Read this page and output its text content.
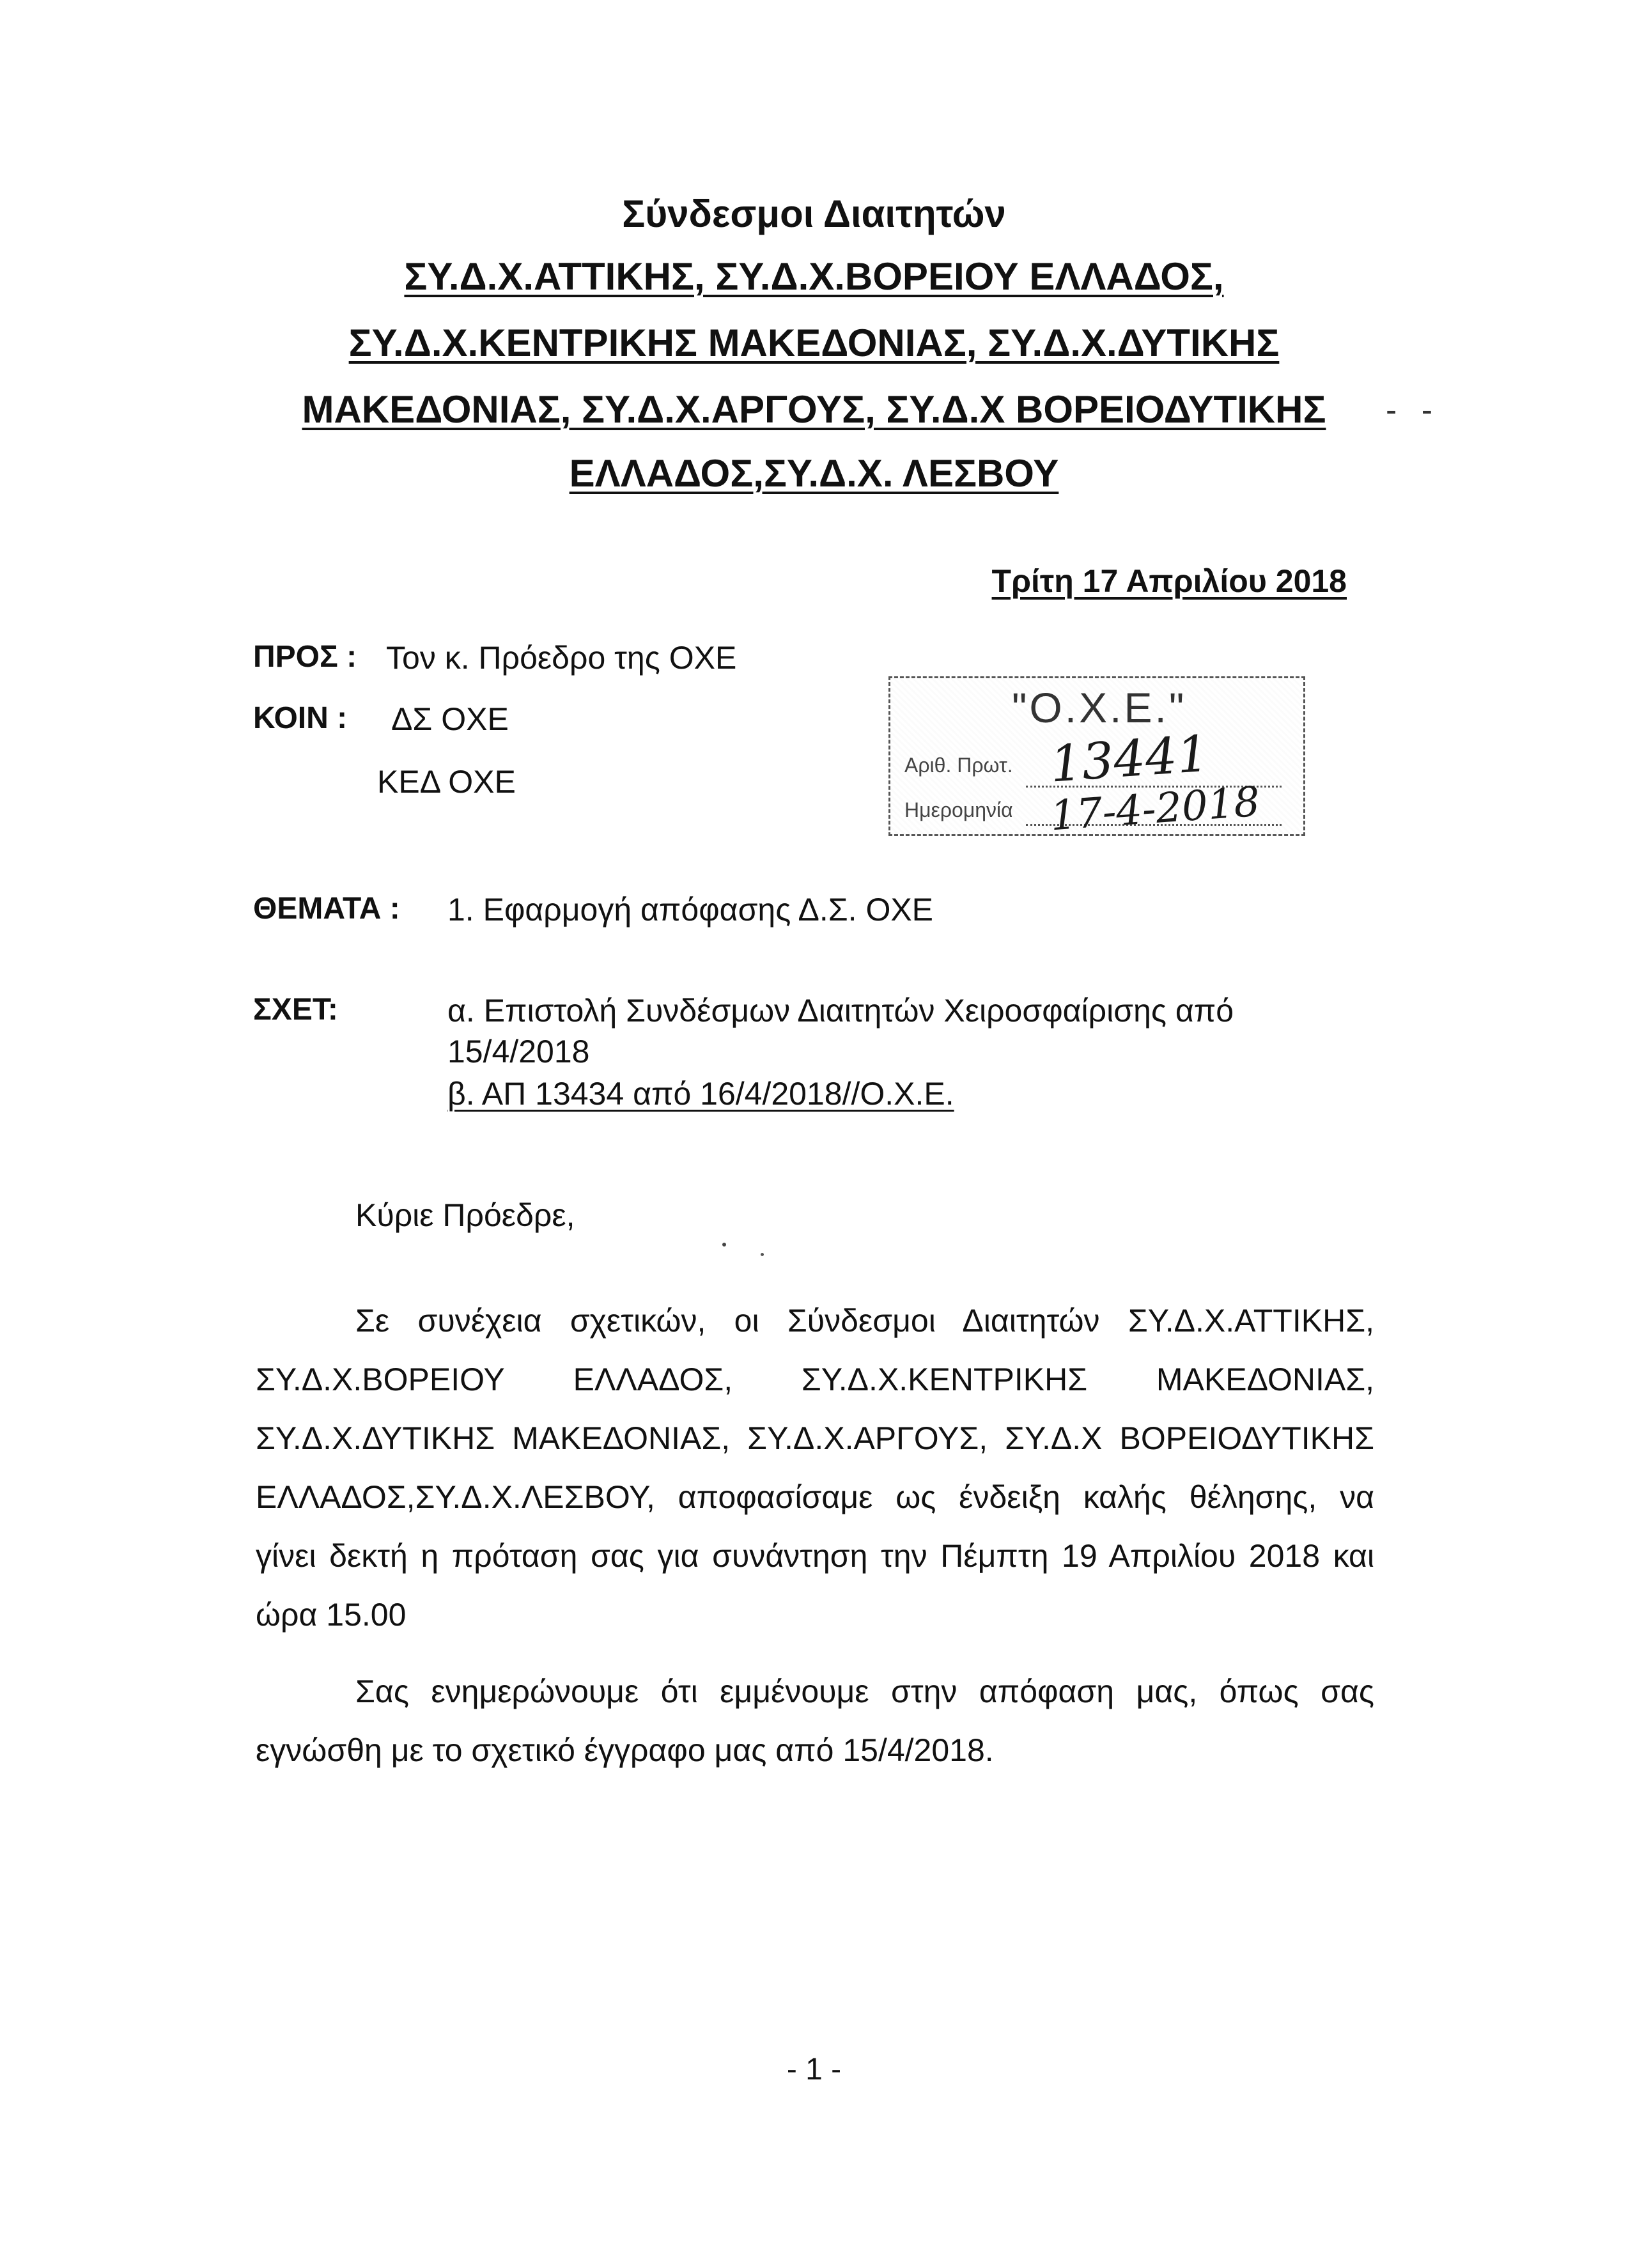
Σύνδεσμοι Διαιτητών
ΣΥ.Δ.Χ.ΑΤΤΙΚΗΣ, ΣΥ.Δ.Χ.ΒΟΡΕΙΟΥ ΕΛΛΑΔΟΣ,
ΣΥ.Δ.Χ.ΚΕΝΤΡΙΚΗΣ ΜΑΚΕΔΟΝΙΑΣ, ΣΥ.Δ.Χ.ΔΥΤΙΚΗΣ
ΜΑΚΕΔΟΝΙΑΣ, ΣΥ.Δ.Χ.ΑΡΓΟΥΣ, ΣΥ.Δ.Χ ΒΟΡΕΙΟΔΥΤΙΚΗΣ
ΕΛΛΑΔΟΣ,ΣΥ.Δ.Χ. ΛΕΣΒΟΥ
- -
Τρίτη 17 Απριλίου 2018
ΠΡΟΣ : Τον κ. Πρόεδρο της ΟΧΕ
ΚΟΙΝ : ΔΣ ΟΧΕ
ΚΕΔ ΟΧΕ
"Ο.Χ.Ε."
Αριθ. Πρωτ. 13441
Ημερομηνία 17-4-2018
ΘΕΜΑΤΑ : 1. Εφαρμογή απόφασης Δ.Σ. ΟΧΕ
ΣΧΕΤ:	α. Επιστολή Συνδέσμων Διαιτητών Χειροσφαίρισης από
15/4/2018
β. ΑΠ 13434 από 16/4/2018//Ο.Χ.Ε.
Κύριε Πρόεδρε,
Σε συνέχεια σχετικών, οι Σύνδεσμοι Διαιτητών ΣΥ.Δ.Χ.ΑΤΤΙΚΗΣ,
ΣΥ.Δ.Χ.ΒΟΡΕΙΟΥ ΕΛΛΑΔΟΣ, ΣΥ.Δ.Χ.ΚΕΝΤΡΙΚΗΣ ΜΑΚΕΔΟΝΙΑΣ,
ΣΥ.Δ.Χ.ΔΥΤΙΚΗΣ ΜΑΚΕΔΟΝΙΑΣ, ΣΥ.Δ.Χ.ΑΡΓΟΥΣ, ΣΥ.Δ.Χ ΒΟΡΕΙΟΔΥΤΙΚΗΣ
ΕΛΛΑΔΟΣ,ΣΥ.Δ.Χ.ΛΕΣΒΟΥ, αποφασίσαμε ως ένδειξη καλής θέλησης, να
γίνει δεκτή η πρόταση σας για συνάντηση την Πέμπτη 19 Απριλίου 2018 και
ώρα 15.00
Σας ενημερώνουμε ότι εμμένουμε στην απόφαση μας, όπως σας
εγνώσθη με το σχετικό έγγραφο μας από 15/4/2018.
- 1 -
